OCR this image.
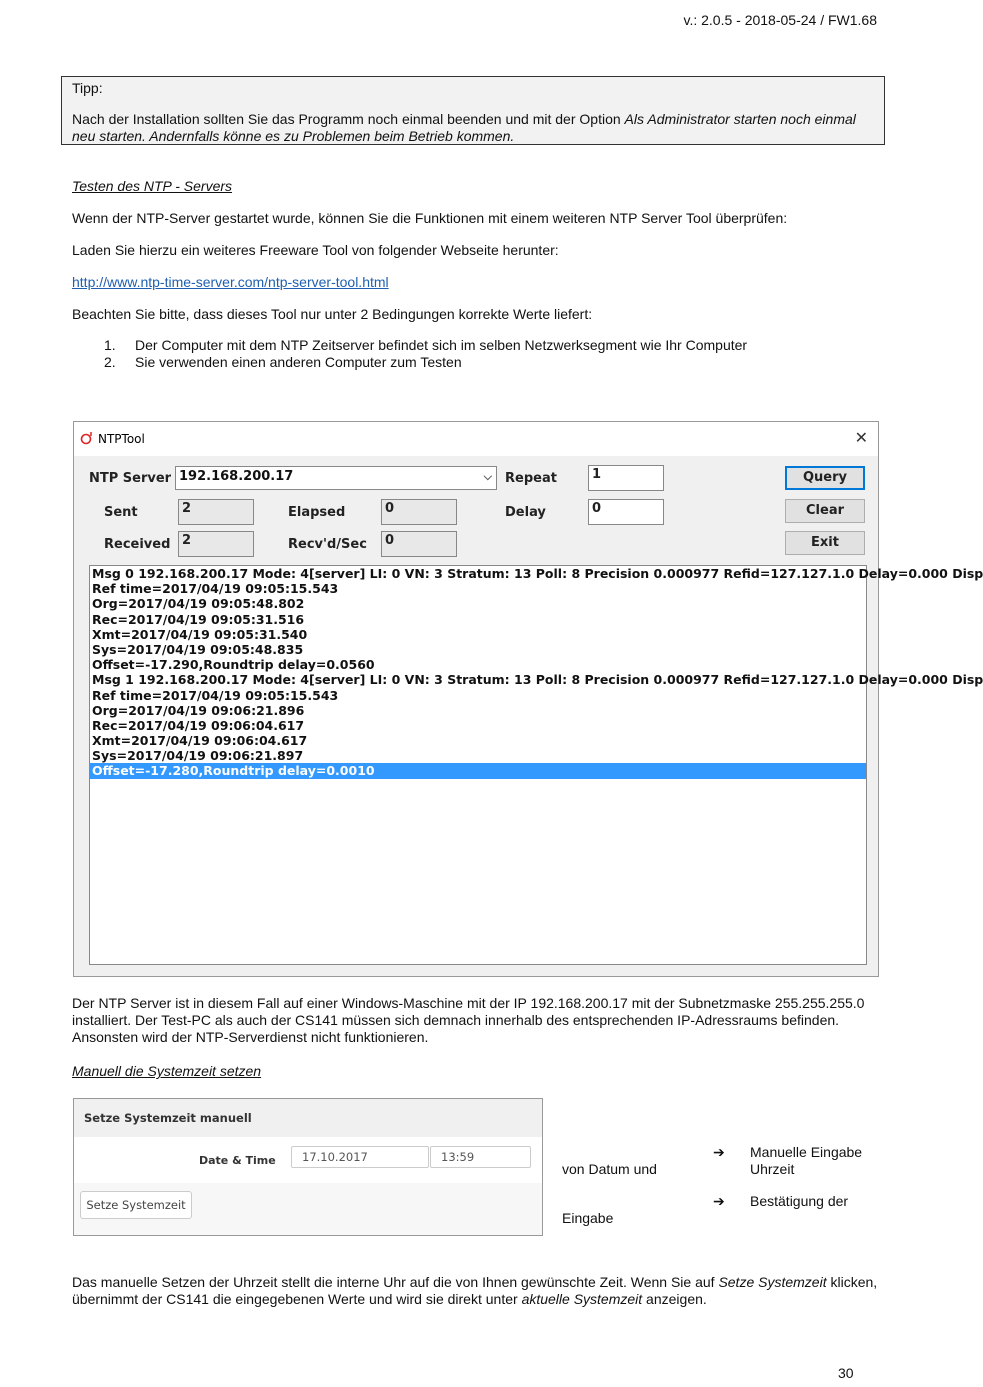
v.: 2.0.5 - 2018-05-24 / FW1.68
Tipp:
Nach der Installation sollten Sie das Programm noch einmal beenden und mit der Option Als Administrator starten noch einmal neu starten. Andernfalls könne es zu Problemen beim Betrieb kommen.
Testen des NTP - Servers
Wenn der NTP-Server gestartet wurde, können Sie die Funktionen mit einem weiteren NTP Server Tool überprüfen:
Laden Sie hierzu ein weiteres Freeware Tool von folgender Webseite herunter:
http://www.ntp-time-server.com/ntp-server-tool.html
Beachten Sie bitte, dass dieses Tool nur unter 2 Bedingungen korrekte Werte liefert:
1. Der Computer mit dem NTP Zeitserver befindet sich im selben Netzwerksegment wie Ihr Computer
2. Sie verwenden einen anderen Computer zum Testen
NTPTool	✕
NTP Server 192.168.200.17	⌵ Repeat	1	Query
Sent	2	Elapsed	0	Delay	0	Clear
Received 2	Recv'd/Sec	0	Exit
Msg 0 192.168.200.17 Mode: 4[server] LI: 0 VN: 3 Stratum: 13 Poll: 8 Precision 0.000977 Refid=127.127.1.0 Delay=0.000 Disp
Ref time=2017/04/19 09:05:15.543
Org=2017/04/19 09:05:48.802
Rec=2017/04/19 09:05:31.516
Xmt=2017/04/19 09:05:31.540
Sys=2017/04/19 09:05:48.835
Offset=-17.290,Roundtrip delay=0.0560
Msg 1 192.168.200.17 Mode: 4[server] LI: 0 VN: 3 Stratum: 13 Poll: 8 Precision 0.000977 Refid=127.127.1.0 Delay=0.000 Disp
Ref time=2017/04/19 09:05:15.543
Org=2017/04/19 09:06:21.896
Rec=2017/04/19 09:06:04.617
Xmt=2017/04/19 09:06:04.617
Sys=2017/04/19 09:06:21.897
Offset=-17.280,Roundtrip delay=0.0010
Der NTP Server ist in diesem Fall auf einer Windows-Maschine mit der IP 192.168.200.17 mit der Subnetzmaske 255.255.255.0 installiert. Der Test-PC als auch der CS141 müssen sich demnach innerhalb des entsprechenden IP-Adressraums befinden. Ansonsten wird der NTP-Serverdienst nicht funktionieren.
Manuell die Systemzeit setzen
Setze Systemzeit manuell
Date & Time	17.10.2017	13:59
Setze Systemzeit
von Datum und
Eingabe
➔ Manuelle Eingabe Uhrzeit
➔ Bestätigung der
Das manuelle Setzen der Uhrzeit stellt die interne Uhr auf die von Ihnen gewünschte Zeit. Wenn Sie auf Setze Systemzeit klicken, übernimmt der CS141 die eingegebenen Werte und wird sie direkt unter aktuelle Systemzeit anzeigen.
30
